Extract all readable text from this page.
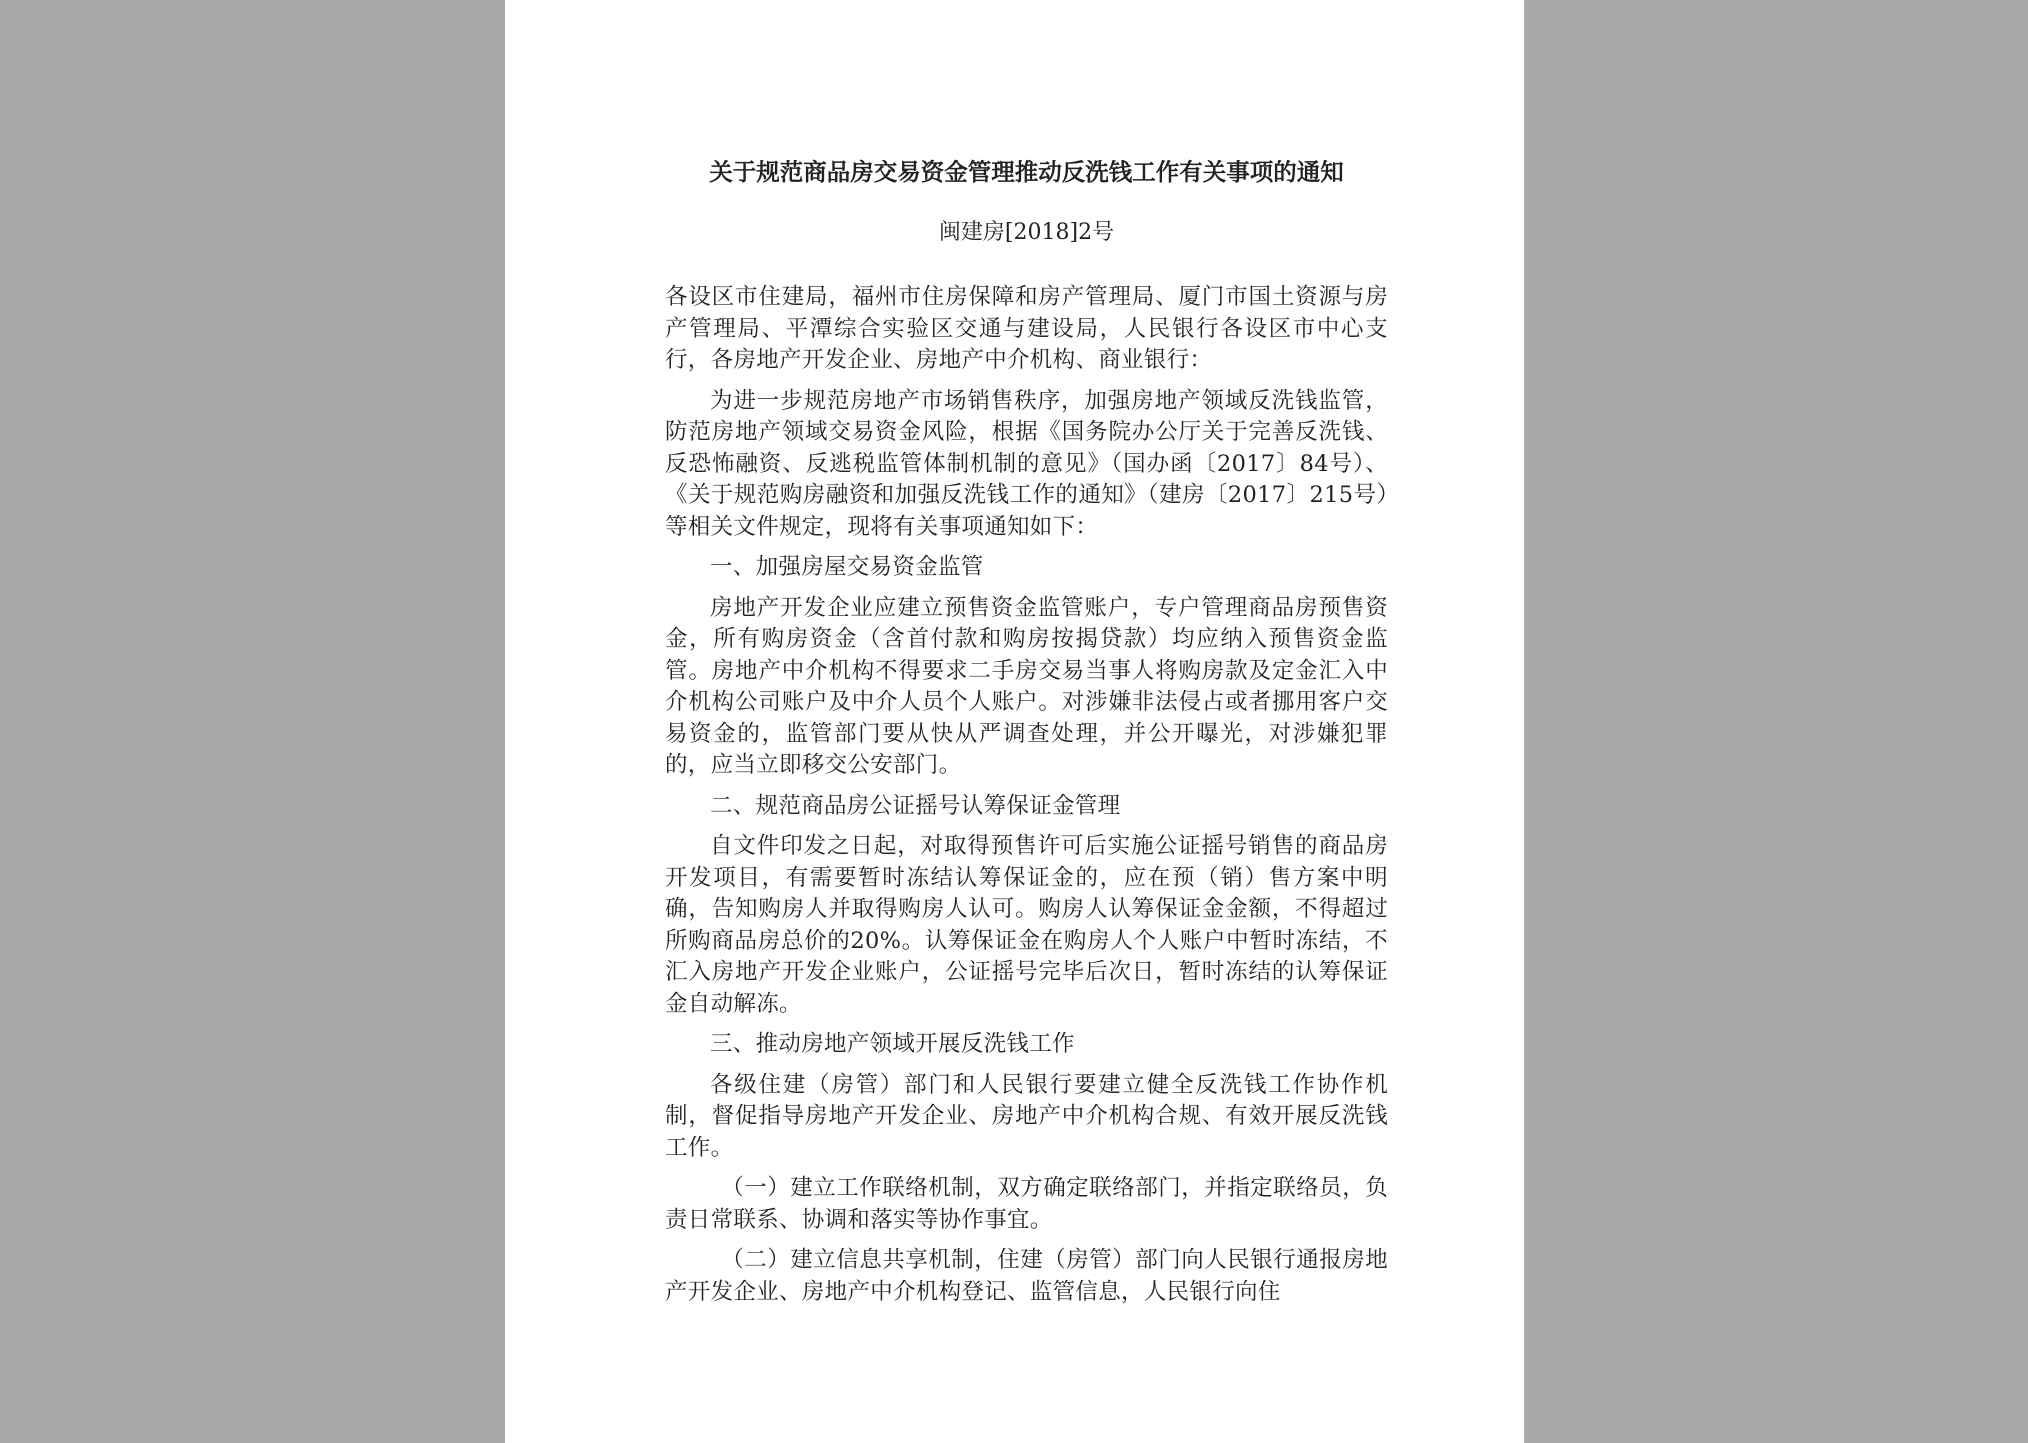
关于规范商品房交易资金管理推动反洗钱工作有关事项的通知
闽建房[2018]2号

各设区市住建局，福州市住房保障和房产管理局、厦门市国土资源与房产管理局、平潭综合实验区交通与建设局，人民银行各设区市中心支行，各房地产开发企业、房地产中介机构、商业银行：

为进一步规范房地产市场销售秩序，加强房地产领域反洗钱监管，防范房地产领域交易资金风险，根据《国务院办公厅关于完善反洗钱、反恐怖融资、反逃税监管体制机制的意见》（国办函〔2017〕84号）、《关于规范购房融资和加强反洗钱工作的通知》（建房〔2017〕215号）等相关文件规定，现将有关事项通知如下：

一、加强房屋交易资金监管

房地产开发企业应建立预售资金监管账户，专户管理商品房预售资金，所有购房资金（含首付款和购房按揭贷款）均应纳入预售资金监管。房地产中介机构不得要求二手房交易当事人将购房款及定金汇入中介机构公司账户及中介人员个人账户。对涉嫌非法侵占或者挪用客户交易资金的，监管部门要从快从严调查处理，并公开曝光，对涉嫌犯罪的，应当立即移交公安部门。

二、规范商品房公证摇号认筹保证金管理

自文件印发之日起，对取得预售许可后实施公证摇号销售的商品房开发项目，有需要暂时冻结认筹保证金的，应在预（销）售方案中明确，告知购房人并取得购房人认可。购房人认筹保证金金额，不得超过所购商品房总价的20%。认筹保证金在购房人个人账户中暂时冻结，不汇入房地产开发企业账户，公证摇号完毕后次日，暂时冻结的认筹保证金自动解冻。

三、推动房地产领域开展反洗钱工作

各级住建（房管）部门和人民银行要建立健全反洗钱工作协作机制，督促指导房地产开发企业、房地产中介机构合规、有效开展反洗钱工作。

（一）建立工作联络机制，双方确定联络部门，并指定联络员，负责日常联系、协调和落实等协作事宜。

（二）建立信息共享机制，住建（房管）部门向人民银行通报房地产开发企业、房地产中介机构登记、监管信息，人民银行向住
